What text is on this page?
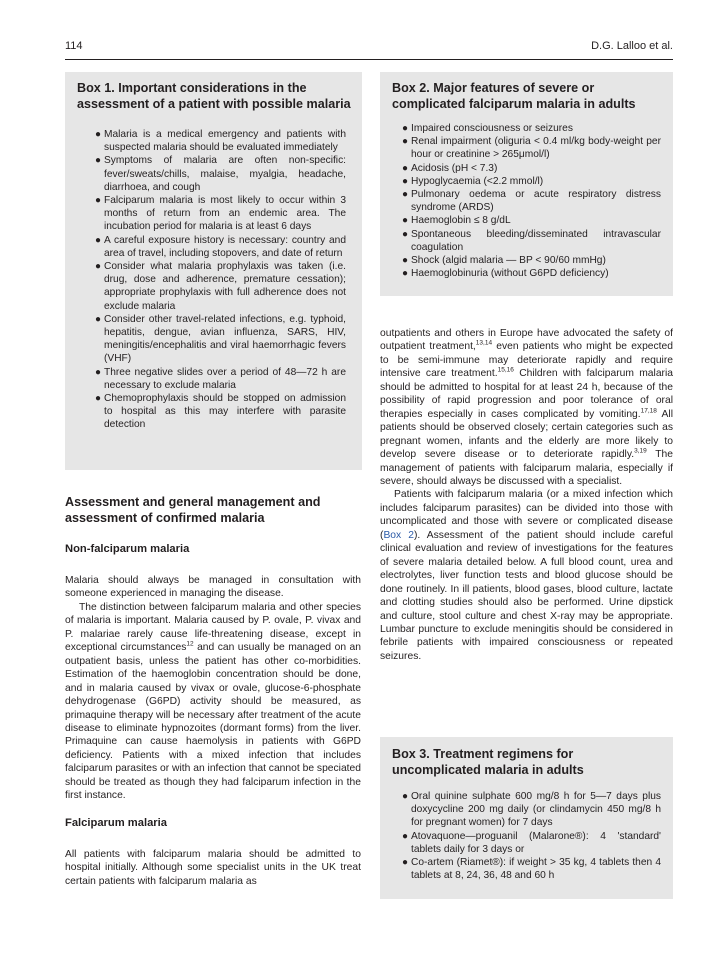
114	D.G. Lalloo et al.
Box 1. Important considerations in the assessment of a patient with possible malaria
● Malaria is a medical emergency and patients with suspected malaria should be evaluated immediately
● Symptoms of malaria are often non-specific: fever/sweats/chills, malaise, myalgia, headache, diarrhoea, and cough
● Falciparum malaria is most likely to occur within 3 months of return from an endemic area. The incubation period for malaria is at least 6 days
● A careful exposure history is necessary: country and area of travel, including stopovers, and date of return
● Consider what malaria prophylaxis was taken (i.e. drug, dose and adherence, premature cessation); appropriate prophylaxis with full adherence does not exclude malaria
● Consider other travel-related infections, e.g. typhoid, hepatitis, dengue, avian influenza, SARS, HIV, meningitis/encephalitis and viral haemorrhagic fevers (VHF)
● Three negative slides over a period of 48—72 h are necessary to exclude malaria
● Chemoprophylaxis should be stopped on admission to hospital as this may interfere with parasite detection
Box 2. Major features of severe or complicated falciparum malaria in adults
● Impaired consciousness or seizures
● Renal impairment (oliguria < 0.4 ml/kg body-weight per hour or creatinine > 265μmol/l)
● Acidosis (pH < 7.3)
● Hypoglycaemia (<2.2 mmol/l)
● Pulmonary oedema or acute respiratory distress syndrome (ARDS)
● Haemoglobin ≤ 8 g/dL
● Spontaneous bleeding/disseminated intravascular coagulation
● Shock (algid malaria — BP < 90/60 mmHg)
● Haemoglobinuria (without G6PD deficiency)
Assessment and general management and assessment of confirmed malaria
Non-falciparum malaria

Malaria should always be managed in consultation with someone experienced in managing the disease.

The distinction between falciparum malaria and other species of malaria is important. Malaria caused by P. ovale, P. vivax and P. malariae rarely cause life-threatening disease, except in exceptional circumstances$^{12}$ and can usually be managed on an outpatient basis, unless the patient has other co-morbidities. Estimation of the haemoglobin concentration should be done, and in malaria caused by vivax or ovale, glucose-6-phosphate dehydrogenase (G6PD) activity should be measured, as primaquine therapy will be necessary after treatment of the acute disease to eliminate hypnozoites (dormant forms) from the liver. Primaquine can cause haemolysis in patients with G6PD deficiency. Patients with a mixed infection that includes falciparum parasites or with an infection that cannot be speciated should be treated as though they had falciparum infection in the first instance.

Falciparum malaria

All patients with falciparum malaria should be admitted to hospital initially. Although some specialist units in the UK treat certain patients with falciparum malaria as

outpatients and others in Europe have advocated the safety of outpatient treatment,$^{13,14}$ even patients who might be expected to be semi-immune may deteriorate rapidly and require intensive care treatment.$^{15,16}$ Children with falciparum malaria should be admitted to hospital for at least 24 h, because of the possibility of rapid progression and poor tolerance of oral therapies especially in cases complicated by vomiting.$^{17,18}$ All patients should be observed closely; certain categories such as pregnant women, infants and the elderly are more likely to develop severe disease or to deteriorate rapidly.$^{3,19}$ The management of patients with falciparum malaria, especially if severe, should always be discussed with a specialist.

Patients with falciparum malaria (or a mixed infection which includes falciparum parasites) can be divided into those with uncomplicated and those with severe or complicated disease (Box 2). Assessment of the patient should include careful clinical evaluation and review of investigations for the features of severe malaria detailed below. A full blood count, urea and electrolytes, liver function tests and blood glucose should be done routinely. In ill patients, blood gases, blood culture, lactate and clotting studies should also be performed. Urine dipstick and culture, stool culture and chest X-ray may be appropriate. Lumbar puncture to exclude meningitis should be considered in febrile patients with impaired consciousness or repeated seizures.

Box 3. Treatment regimens for uncomplicated malaria in adults
● Oral quinine sulphate 600 mg/8 h for 5—7 days plus doxycycline 200 mg daily (or clindamycin 450 mg/8 h for pregnant women) for 7 days
● Atovaquone—proguanil (Malarone®): 4 'standard' tablets daily for 3 days or
● Co-artem (Riamet®): if weight > 35 kg, 4 tablets then 4 tablets at 8, 24, 36, 48 and 60 h
